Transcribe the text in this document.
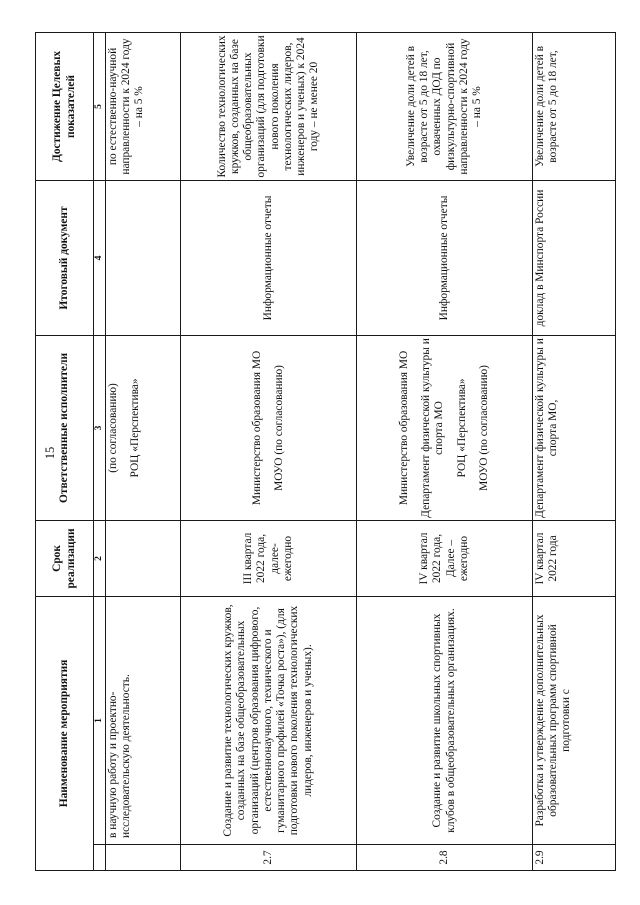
15
Наименование мероприятия		Срок реализации	Ответственные исполнители	Итоговый документ	Достижение Целевых показателей
	1	2	3	4	5
	в научную работу и проектно-исследовательскую деятельность.		(по согласованию) РОЦ «Перспектива»		по естественно-научной направленности к 2024 году – на 5 %
2.7	Создание и развитие технологических кружков, созданных на базе общеобразовательных организаций (центров образования цифрового, естественнонаучного, технического и гуманитарного профилей «Точка роста»), (для подготовки нового поколения технологических лидеров, инженеров и ученых).	III квартал 2022 года, далее- ежегодно	Министерство образования МО МОУО (по согласованию)	Информационные отчеты	Количество технологических кружков, созданных на базе общеобразовательных организаций (для подготовки нового поколения технологических лидеров, инженеров и ученых) к 2024 году – не менее 20
2.8	Создание и развитие школьных спортивных клубов в общеобразовательных организациях.	IV квартал 2022 года, Далее – ежегодно	Министерство образования МО Департамент физической культуры и спорта МО РОЦ «Перспектива» МОУО (по согласованию)	Информационные отчеты	Увеличение доли детей в возрасте от 5 до 18 лет, охваченных ДОД по физкультурно-спортивной направленности к 2024 году – на 5 %
2.9	Разработка и утверждение дополнительных образовательных программ спортивной подготовки с	IV квартал 2022 года	Департамент физической культуры и спорта МО,	доклад в Минспорта России	Увеличение доли детей в возрасте от 5 до 18 лет,
